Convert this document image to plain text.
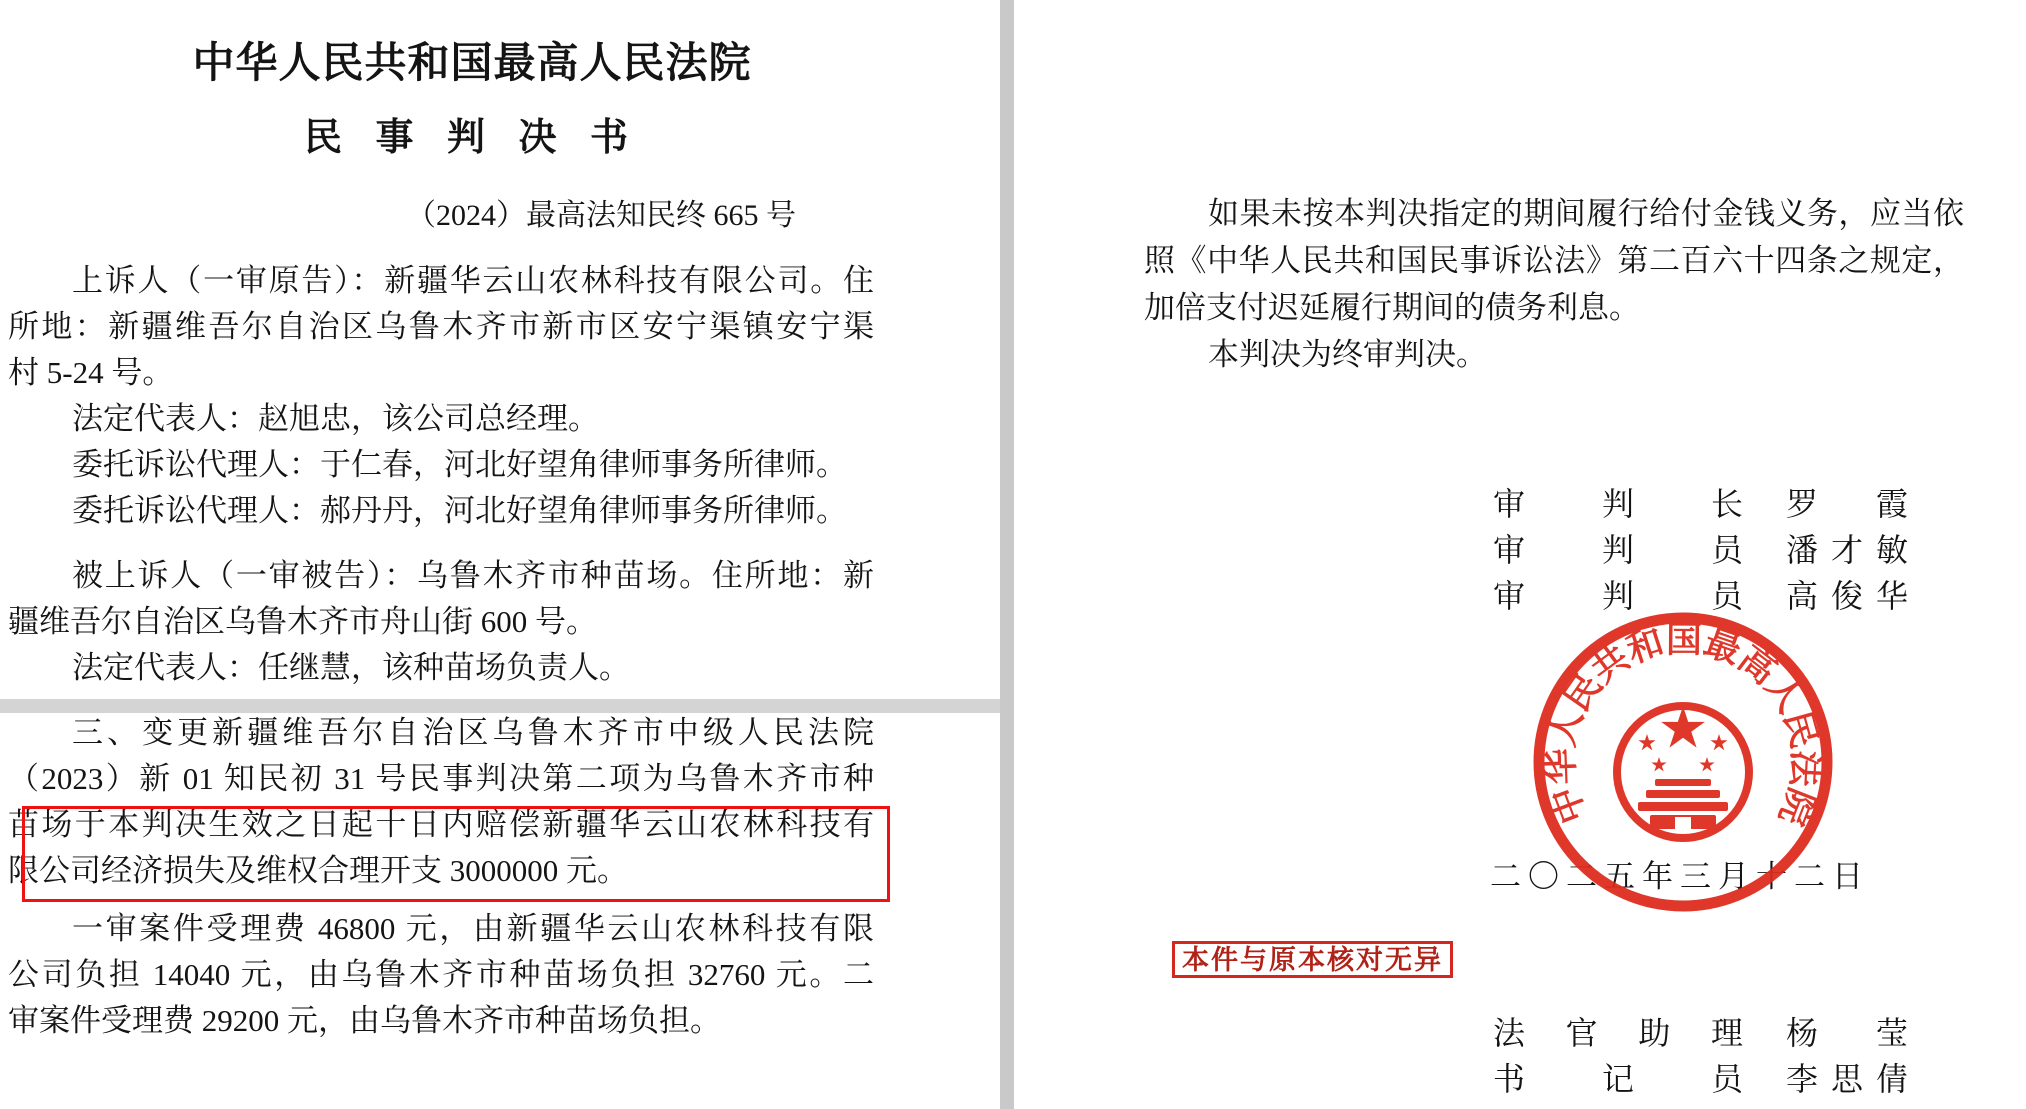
中华人民共和国最高人民法院
民 事 判 决 书
（2024）最高法知民终 665 号
上诉人（一审原告）：新疆华云山农林科技有限公司。住
所地：新疆维吾尔自治区乌鲁木齐市新市区安宁渠镇安宁渠
村 5-24 号。
法定代表人：赵旭忠，该公司总经理。
委托诉讼代理人：于仁春，河北好望角律师事务所律师。
委托诉讼代理人：郝丹丹，河北好望角律师事务所律师。
被上诉人（一审被告）：乌鲁木齐市种苗场。住所地：新
疆维吾尔自治区乌鲁木齐市舟山街 600 号。
法定代表人：任继慧，该种苗场负责人。
三、变更新疆维吾尔自治区乌鲁木齐市中级人民法院
（2023）新 01 知民初 31 号民事判决第二项为乌鲁木齐市种
苗场于本判决生效之日起十日内赔偿新疆华云山农林科技有
限公司经济损失及维权合理开支 3000000 元。
一审案件受理费 46800 元，由新疆华云山农林科技有限
公司负担 14040 元，由乌鲁木齐市种苗场负担 32760 元。二
审案件受理费 29200 元，由乌鲁木齐市种苗场负担。
如果未按本判决指定的期间履行给付金钱义务，应当依
照《中华人民共和国民事诉讼法》第二百六十四条之规定，
加倍支付迟延履行期间的债务利息。
本判决为终审判决。
审 判 长 罗 霞
审 判 员 潘 才 敏
审 判 员 高 俊 华
二〇二五年三月十二日
中华人民共和国最高人民法院
本件与原本核对无异
法 官 助 理 杨 莹
书 记 员 李 思 倩
